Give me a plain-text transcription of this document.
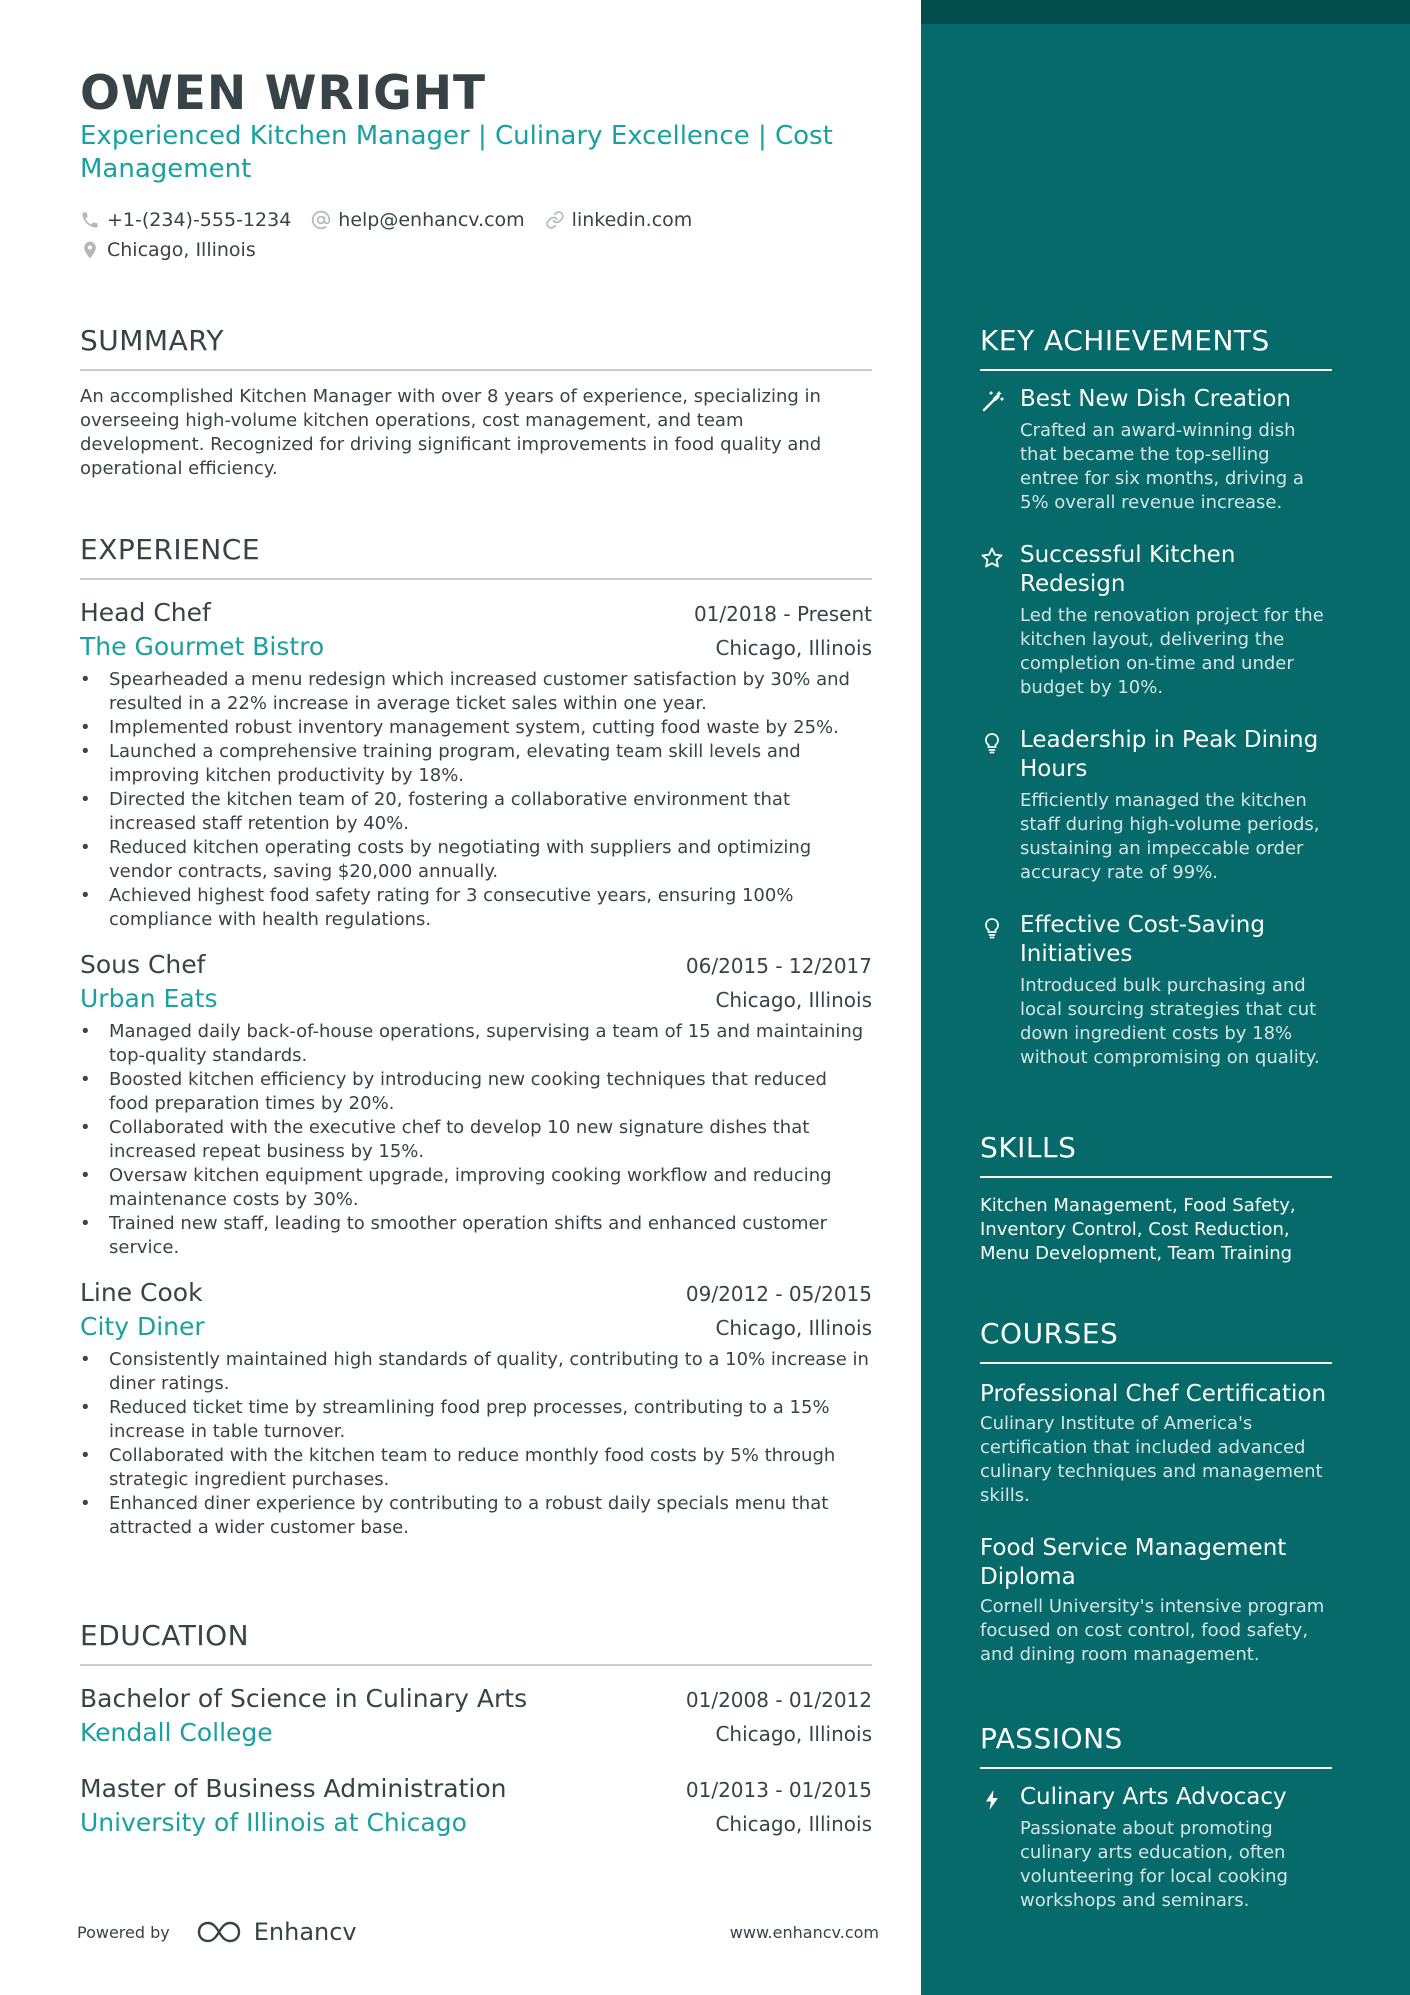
OWEN WRIGHT
Experienced Kitchen Manager | Culinary Excellence | Cost Management
+1-(234)-555-1234 help@enhancv.com linkedin.com
Chicago, Illinois
SUMMARY
An accomplished Kitchen Manager with over 8 years of experience, specializing in overseeing high-volume kitchen operations, cost management, and team development. Recognized for driving significant improvements in food quality and operational efficiency.
EXPERIENCE
Head Chef	01/2018 - Present
The Gourmet Bistro	Chicago, Illinois
• Spearheaded a menu redesign which increased customer satisfaction by 30% and resulted in a 22% increase in average ticket sales within one year.
• Implemented robust inventory management system, cutting food waste by 25%.
• Launched a comprehensive training program, elevating team skill levels and improving kitchen productivity by 18%.
• Directed the kitchen team of 20, fostering a collaborative environment that increased staff retention by 40%.
• Reduced kitchen operating costs by negotiating with suppliers and optimizing vendor contracts, saving $20,000 annually.
• Achieved highest food safety rating for 3 consecutive years, ensuring 100% compliance with health regulations.
Sous Chef	06/2015 - 12/2017
Urban Eats	Chicago, Illinois
• Managed daily back-of-house operations, supervising a team of 15 and maintaining top-quality standards.
• Boosted kitchen efficiency by introducing new cooking techniques that reduced food preparation times by 20%.
• Collaborated with the executive chef to develop 10 new signature dishes that increased repeat business by 15%.
• Oversaw kitchen equipment upgrade, improving cooking workflow and reducing maintenance costs by 30%.
• Trained new staff, leading to smoother operation shifts and enhanced customer service.
Line Cook	09/2012 - 05/2015
City Diner	Chicago, Illinois
• Consistently maintained high standards of quality, contributing to a 10% increase in diner ratings.
• Reduced ticket time by streamlining food prep processes, contributing to a 15% increase in table turnover.
• Collaborated with the kitchen team to reduce monthly food costs by 5% through strategic ingredient purchases.
• Enhanced diner experience by contributing to a robust daily specials menu that attracted a wider customer base.
EDUCATION
Bachelor of Science in Culinary Arts	01/2008 - 01/2012
Kendall College	Chicago, Illinois
Master of Business Administration	01/2013 - 01/2015
University of Illinois at Chicago	Chicago, Illinois
Powered by	Enhancv	www.enhancv.com
KEY ACHIEVEMENTS
Best New Dish Creation
Crafted an award-winning dish that became the top-selling entree for six months, driving a 5% overall revenue increase.
Successful Kitchen Redesign
Led the renovation project for the kitchen layout, delivering the completion on-time and under budget by 10%.
Leadership in Peak Dining Hours
Efficiently managed the kitchen staff during high-volume periods, sustaining an impeccable order accuracy rate of 99%.
Effective Cost-Saving Initiatives
Introduced bulk purchasing and local sourcing strategies that cut down ingredient costs by 18% without compromising on quality.
SKILLS
Kitchen Management, Food Safety, Inventory Control, Cost Reduction, Menu Development, Team Training
COURSES
Professional Chef Certification
Culinary Institute of America's certification that included advanced culinary techniques and management skills.
Food Service Management Diploma
Cornell University's intensive program focused on cost control, food safety, and dining room management.
PASSIONS
Culinary Arts Advocacy
Passionate about promoting culinary arts education, often volunteering for local cooking workshops and seminars.
